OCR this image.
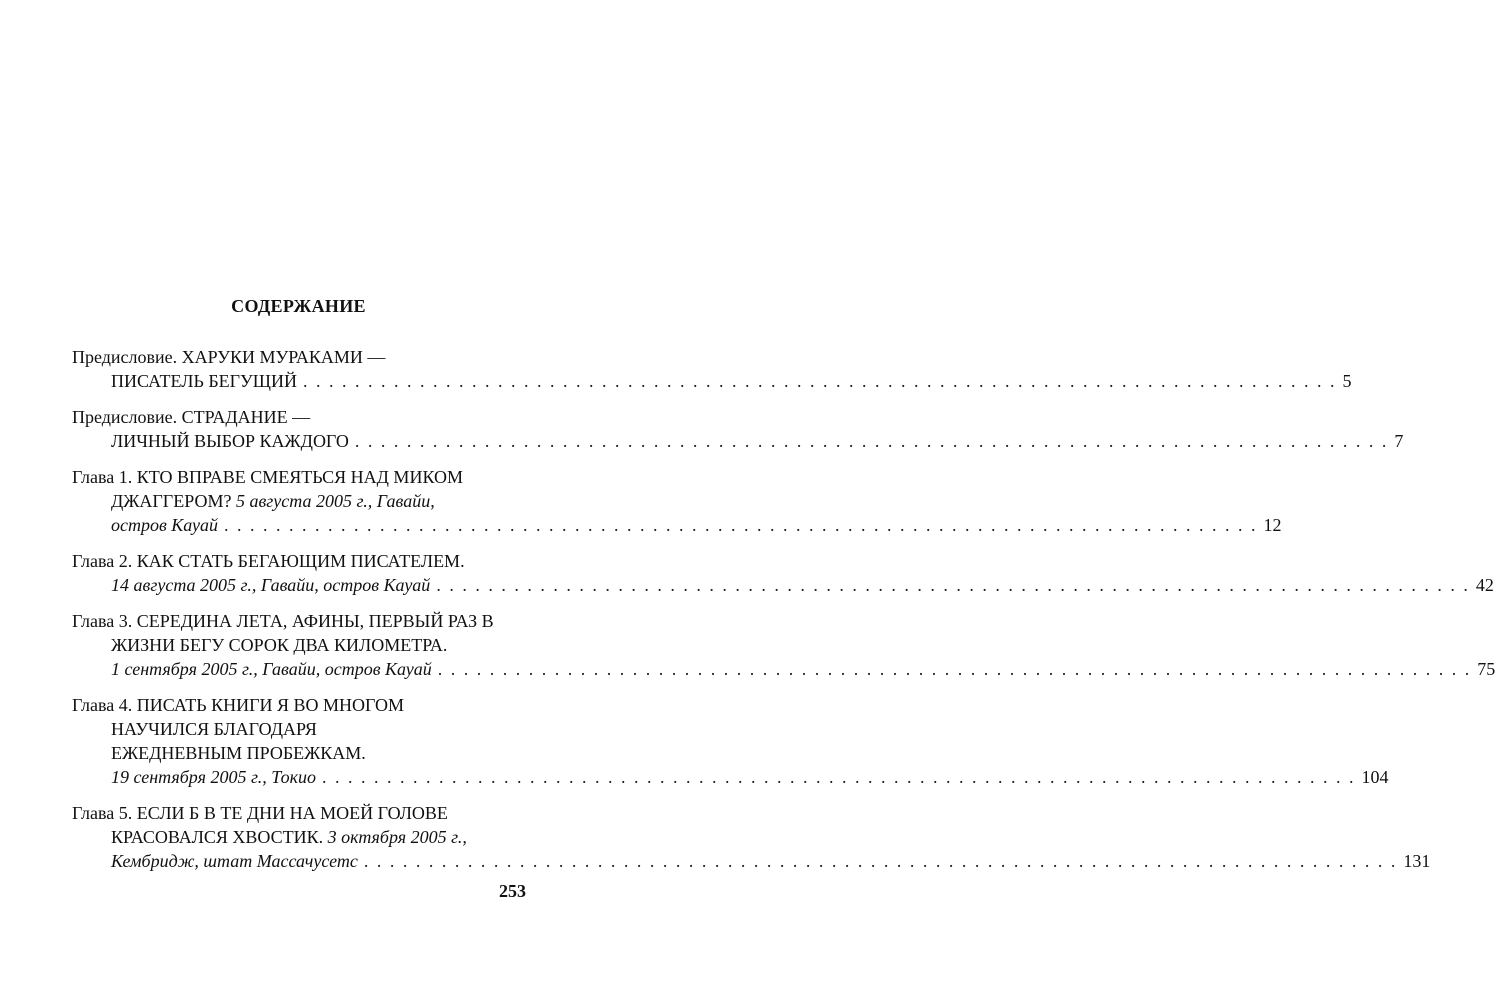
СОДЕРЖАНИЕ
Предисловие. ХАРУКИ МУРАКАМИ —
ПИСАТЕЛЬ БЕГУЩИЙ . . . . . . . . . . . . . . . . . . . . . . . . . . . . . . . . . . . . . . . . . . . . . . . . . . . . . . . . . . . . . . . . . . . . . . . . . . . . . . . . 5
Предисловие. СТРАДАНИЕ —
ЛИЧНЫЙ ВЫБОР КАЖДОГО . . . . . . . . . . . . . . . . . . . . . . . . . . . . . . . . . . . . . . . . . . . . . . . . . . . . . . . . . . . . . . . . . . . . . . . . . . . . . . . . 7
Глава 1. КТО ВПРАВЕ СМЕЯТЬСЯ НАД МИКОМ
ДЖАГГЕРОМ? 5 августа 2005 г., Гавайи,
остров Кауай . . . . . . . . . . . . . . . . . . . . . . . . . . . . . . . . . . . . . . . . . . . . . . . . . . . . . . . . . . . . . . . . . . . . . . . . . . . . . . . . 12
Глава 2. КАК СТАТЬ БЕГАЮЩИМ ПИСАТЕЛЕМ.
14 августа 2005 г., Гавайи, остров Кауай . . . . . . . . . . . . . . . . . . . . . . . . . . . . . . . . . . . . . . . . . . . . . . . . . . . . . . . . . . . . . . . . . . . . . . . . . . . . . . . . 42
Глава 3. СЕРЕДИНА ЛЕТА, АФИНЫ, ПЕРВЫЙ РАЗ В
ЖИЗНИ БЕГУ СОРОК ДВА КИЛОМЕТРА.
1 сентября 2005 г., Гавайи, остров Кауай . . . . . . . . . . . . . . . . . . . . . . . . . . . . . . . . . . . . . . . . . . . . . . . . . . . . . . . . . . . . . . . . . . . . . . . . . . . . . . . . 75
Глава 4. ПИСАТЬ КНИГИ Я ВО МНОГОМ
НАУЧИЛСЯ БЛАГОДАРЯ
ЕЖЕДНЕВНЫМ ПРОБЕЖКАМ.
19 сентября 2005 г., Токио . . . . . . . . . . . . . . . . . . . . . . . . . . . . . . . . . . . . . . . . . . . . . . . . . . . . . . . . . . . . . . . . . . . . . . . . . . . . . . . . 104
Глава 5. ЕСЛИ Б В ТЕ ДНИ НА МОЕЙ ГОЛОВЕ
КРАСОВАЛСЯ ХВОСТИК. 3 октября 2005 г.,
Кембридж, штат Массачусетс . . . . . . . . . . . . . . . . . . . . . . . . . . . . . . . . . . . . . . . . . . . . . . . . . . . . . . . . . . . . . . . . . . . . . . . . . . . . . . . . 131
253
